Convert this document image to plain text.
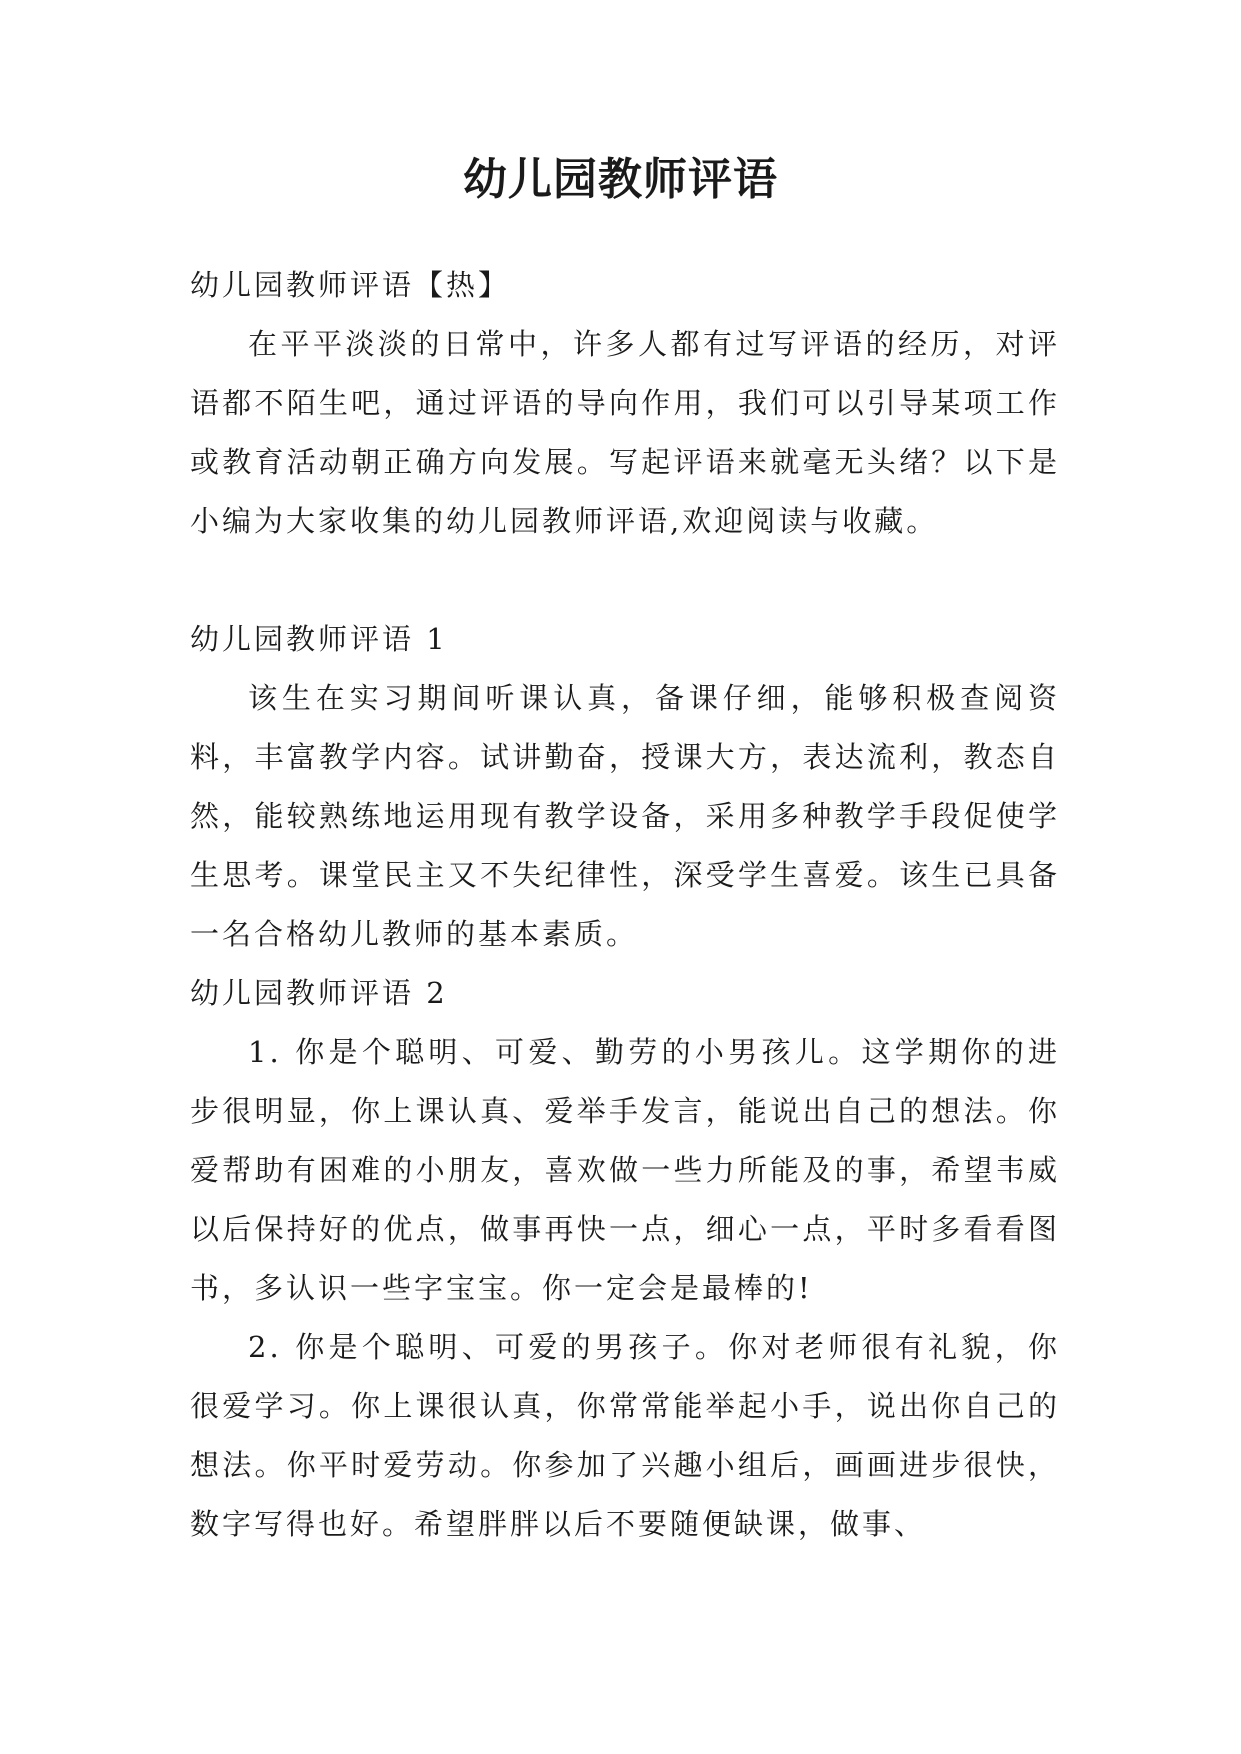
幼儿园教师评语

幼儿园教师评语【热】

在平平淡淡的日常中，许多人都有过写评语的经历，对评语都不陌生吧，通过评语的导向作用，我们可以引导某项工作或教育活动朝正确方向发展。写起评语来就毫无头绪？以下是小编为大家收集的幼儿园教师评语,欢迎阅读与收藏。

幼儿园教师评语 1

该生在实习期间听课认真，备课仔细，能够积极查阅资料，丰富教学内容。试讲勤奋，授课大方，表达流利，教态自然，能较熟练地运用现有教学设备，采用多种教学手段促使学生思考。课堂民主又不失纪律性，深受学生喜爱。该生已具备一名合格幼儿教师的基本素质。

幼儿园教师评语 2

1. 你是个聪明、可爱、勤劳的小男孩儿。这学期你的进步很明显，你上课认真、爱举手发言，能说出自己的想法。你爱帮助有困难的小朋友，喜欢做一些力所能及的事，希望韦威以后保持好的优点，做事再快一点，细心一点，平时多看看图书，多认识一些字宝宝。你一定会是最棒的!

2. 你是个聪明、可爱的男孩子。你对老师很有礼貌，你很爱学习。你上课很认真，你常常能举起小手，说出你自己的想法。你平时爱劳动。你参加了兴趣小组后，画画进步很快，数字写得也好。希望胖胖以后不要随便缺课，做事、
